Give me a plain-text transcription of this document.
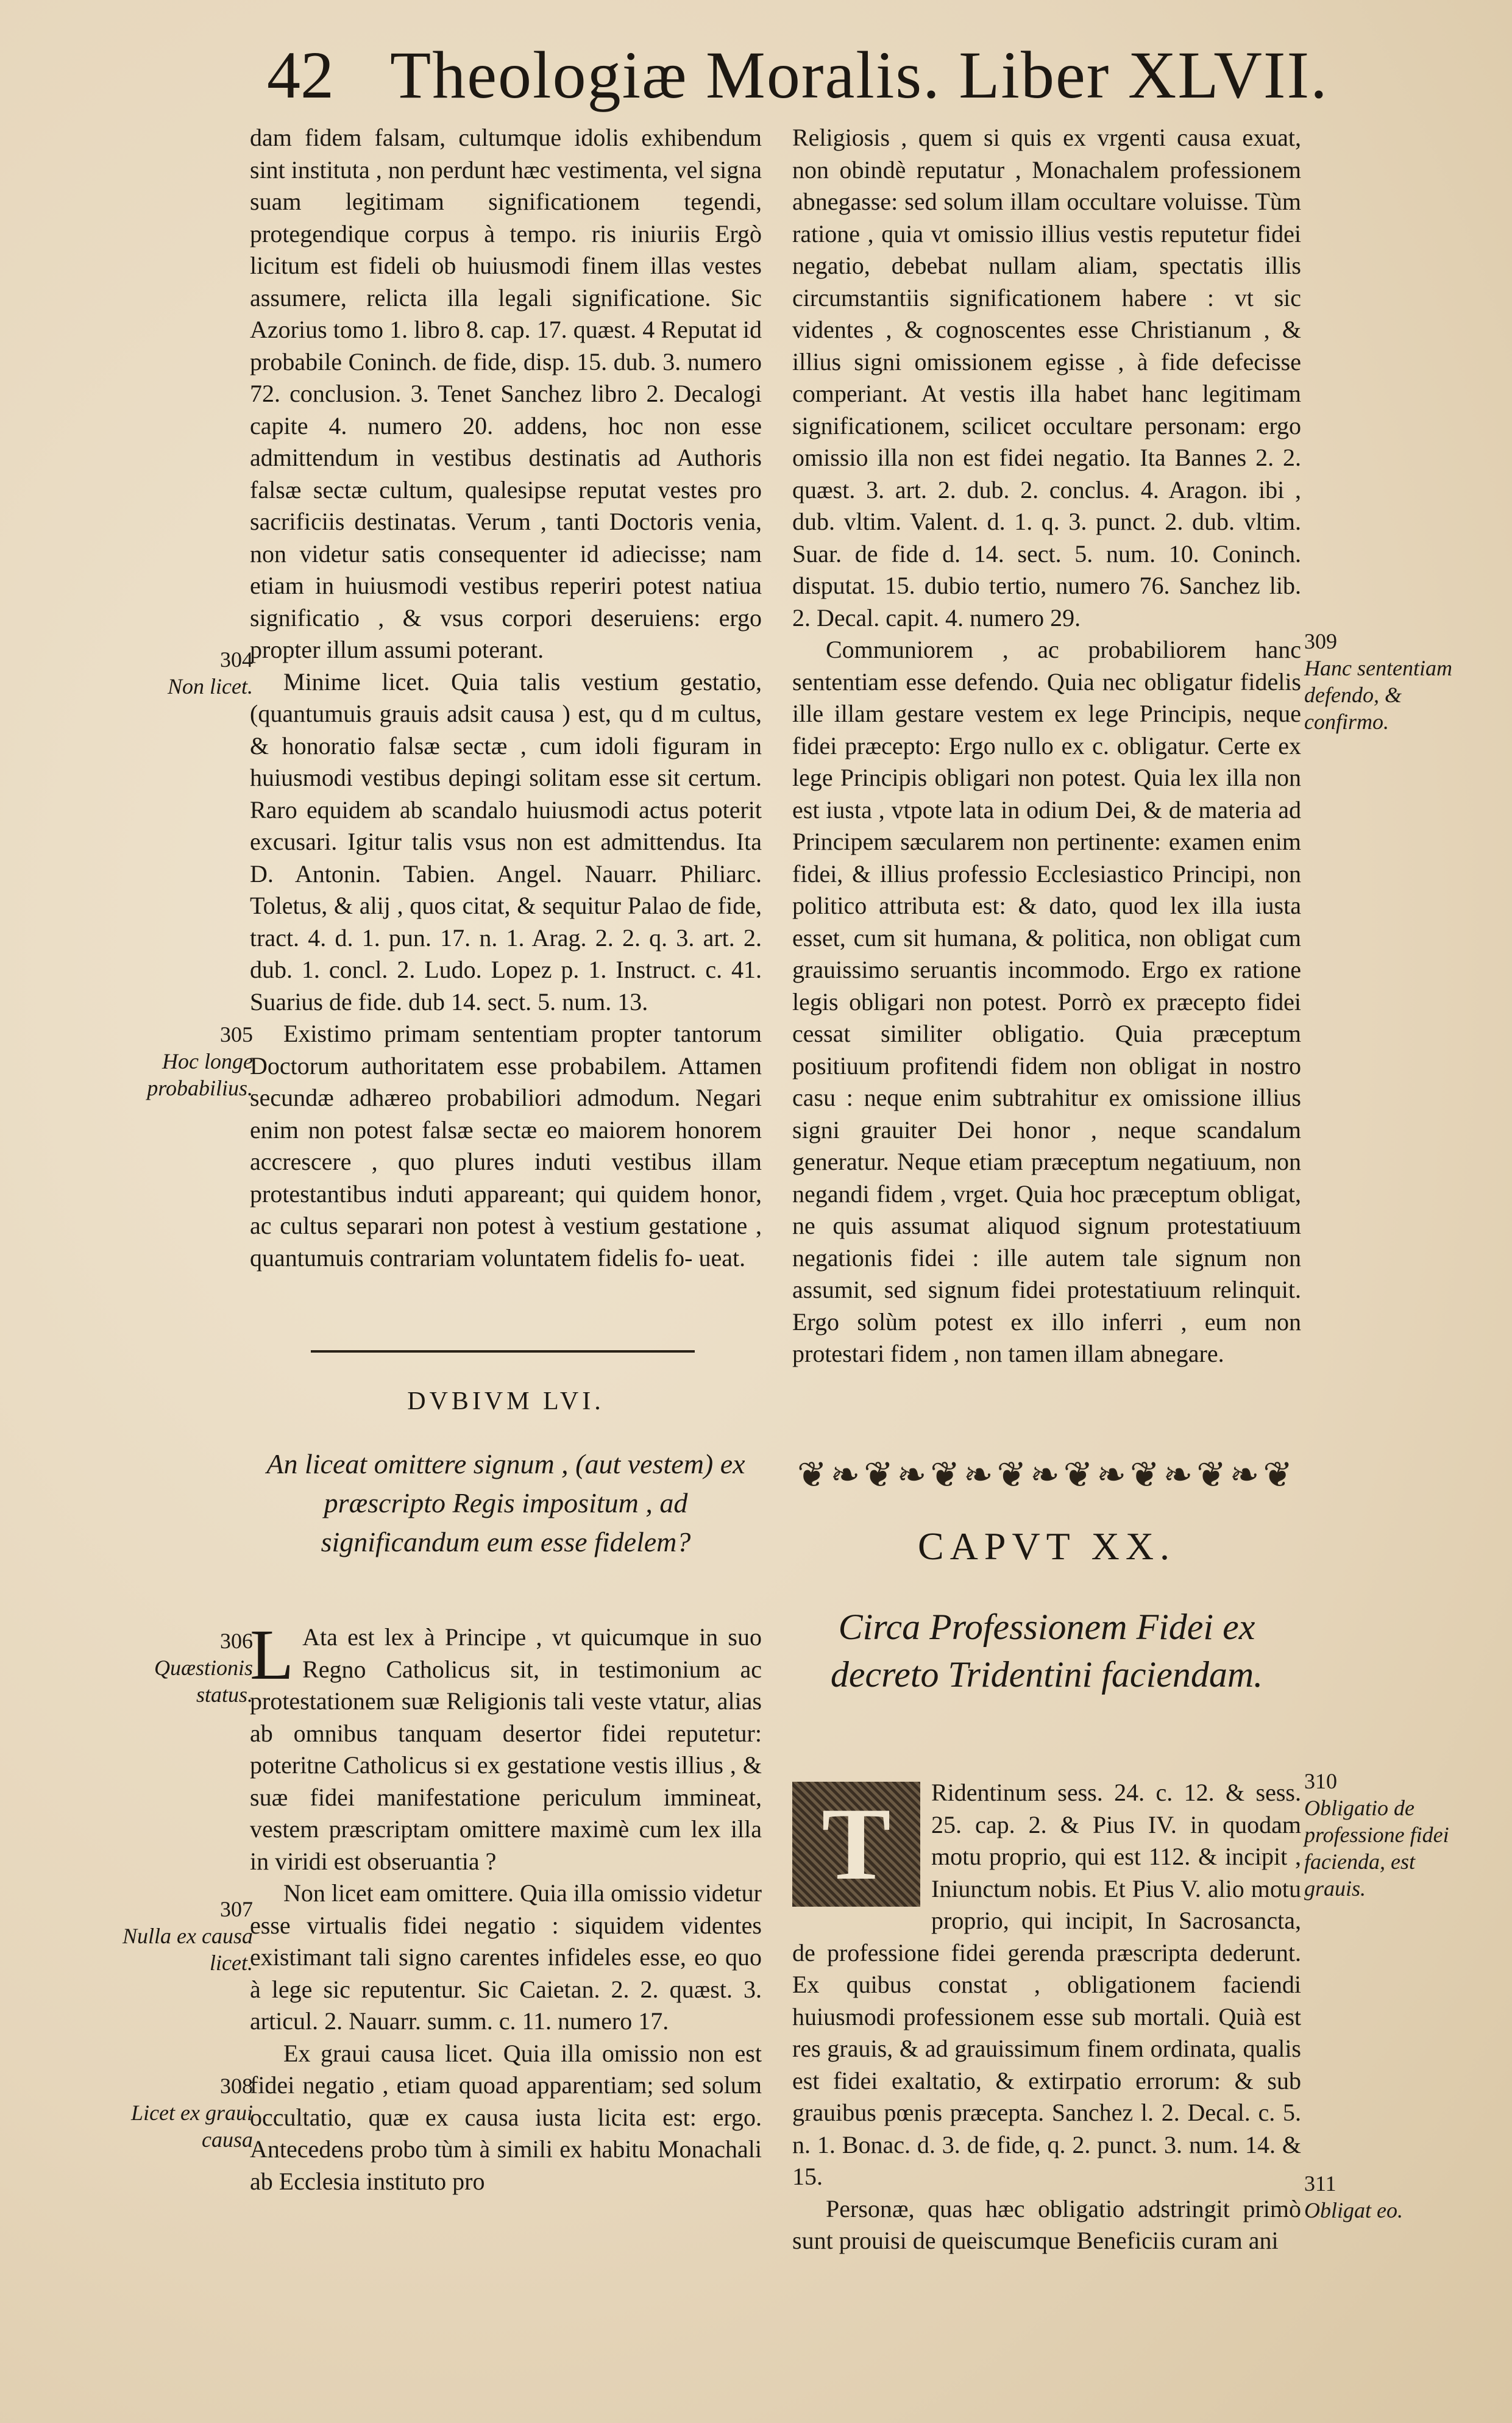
42 Theologiæ Moralis. Liber XLVII.

dam fidem falsam, cultumque idolis exhibendum sint instituta , non perdunt hæc vestimenta, vel signa suam legitimam significationem tegendi, protegendique corpus à tempo. ris iniuriis Ergò licitum est fideli ob huiusmodi finem illas vestes assumere, relicta illa legali significatione. Sic Azorius tomo 1. libro 8. cap. 17. quæst. 4 Reputat id probabile Coninch. de fide, disp. 15. dub. 3. numero 72. conclusion. 3. Tenet Sanchez libro 2. Decalogi capite 4. numero 20. addens, hoc non esse admittendum in vestibus destinatis ad Authoris falsæ sectæ cultum, qualesipse reputat vestes pro sacrificiis destinatas. Verum , tanti Doctoris venia, non videtur satis consequenter id adiecisse; nam etiam in huiusmodi vestibus reperiri potest natiua significatio , & vsus corpori deseruiens: ergo propter illum assumi poterant.

Minime licet. Quia talis vestium gestatio, (quantumuis grauis adsit causa ) est, qu d m cultus, & honoratio falsæ sectæ , cum idoli figuram in huiusmodi vestibus depingi solitam esse sit certum. Raro equidem ab scandalo huiusmodi actus poterit excusari. Igitur talis vsus non est admittendus. Ita D. Antonin. Tabien. Angel. Nauarr. Philiarc. Toletus, & alij , quos citat, & sequitur Palao de fide, tract. 4. d. 1. pun. 17. n. 1. Arag. 2. 2. q. 3. art. 2. dub. 1. concl. 2. Ludo. Lopez p. 1. Instruct. c. 41. Suarius de fide. dub 14. sect. 5. num. 13.

Existimo primam sententiam propter tantorum Doctorum authoritatem esse probabilem. Attamen secundæ adhæreo probabiliori admodum. Negari enim non potest falsæ sectæ eo maiorem honorem accrescere , quo plures induti vestibus illam protestantibus induti appareant; qui quidem honor, ac cultus separari non potest à vestium gestatione , quantumuis contrariam voluntatem fidelis fo- ueat.

Religiosis , quem si quis ex vrgenti causa exuat, non obindè reputatur , Monachalem professionem abnegasse: sed solum illam occultare voluisse. Tùm ratione , quia vt omissio illius vestis reputetur fidei negatio, debebat nullam aliam, spectatis illis circumstantiis significationem habere : vt sic videntes , & cognoscentes esse Christianum , & illius signi omissionem egisse , à fide defecisse comperiant. At vestis illa habet hanc legitimam significationem, scilicet occultare personam: ergo omissio illa non est fidei negatio. Ita Bannes 2. 2. quæst. 3. art. 2. dub. 2. conclus. 4. Aragon. ibi , dub. vltim. Valent. d. 1. q. 3. punct. 2. dub. vltim. Suar. de fide d. 14. sect. 5. num. 10. Coninch. disputat. 15. dubio tertio, numero 76. Sanchez lib. 2. Decal. capit. 4. numero 29.

Communiorem , ac probabiliorem hanc sententiam esse defendo. Quia nec obligatur fidelis ille illam gestare vestem ex lege Principis, neque fidei præcepto: Ergo nullo ex c. obligatur. Certe ex lege Principis obligari non potest. Quia lex illa non est iusta , vtpote lata in odium Dei, & de materia ad Principem sæcularem non pertinente: examen enim fidei, & illius professio Ecclesiastico Principi, non politico attributa est: & dato, quod lex illa iusta esset, cum sit humana, & politica, non obligat cum grauissimo seruantis incommodo. Ergo ex ratione legis obligari non potest. Porrò ex præcepto fidei cessat similiter obligatio. Quia præceptum positiuum profitendi fidem non obligat in nostro casu : neque enim subtrahitur ex omissione illius signi grauiter Dei honor , neque scandalum generatur. Neque etiam præceptum negatiuum, non negandi fidem , vrget. Quia hoc præceptum obligat, ne quis assumat aliquod signum protestatiuum negationis fidei : ille autem tale signum non assumit, sed signum fidei protestatiuum relinquit. Ergo solùm potest ex illo inferri , eum non protestari fidem , non tamen illam abnegare.

DVBIVM LVI.
An liceat omittere signum , (aut vestem) ex præscripto Regis impositum , ad significandum eum esse fidelem?

L Ata est lex à Principe , vt quicumque in suo Regno Catholicus sit, in testimonium ac protestationem suæ Religionis tali veste vtatur, alias ab omnibus tanquam desertor fidei reputetur: poteritne Catholicus si ex gestatione vestis illius , & suæ fidei manifestatione periculum immineat, vestem præscriptam omittere maximè cum lex illa in viridi est obseruantia ?

Non licet eam omittere. Quia illa omissio videtur esse virtualis fidei negatio : siquidem videntes existimant tali signo carentes infideles esse, eo quo à lege sic reputentur. Sic Caietan. 2. 2. quæst. 3. articul. 2. Nauarr. summ. c. 11. numero 17.

Ex graui causa licet. Quia illa omissio non est fidei negatio , etiam quoad apparentiam; sed solum occultatio, quæ ex causa iusta licita est: ergo. Antecedens probo tùm à simili ex habitu Monachali ab Ecclesia instituto pro

❦❧❦❧❦❧❦❧❦❧❦❧❦❧❦
CAPVT XX.
Circa Professionem Fidei ex decreto Tridentini faciendam.

T	Ridentinum sess. 24. c. 12. & sess. 25. cap. 2. & Pius IV. in quodam motu proprio, qui est 112. & incipit , Iniunctum nobis. Et Pius V. alio motu proprio, qui incipit, In Sacrosancta, de professione fidei gerenda præscripta dederunt. Ex quibus constat , obligationem faciendi huiusmodi professionem esse sub mortali. Quià est res grauis, & ad grauissimum finem ordinata, qualis est fidei exaltatio, & extirpatio errorum: & sub grauibus pœnis præcepta. Sanchez l. 2. Decal. c. 5. n. 1. Bonac. d. 3. de fide, q. 2. punct. 3. num. 14. & 15.

Personæ, quas hæc obligatio adstringit primò sunt prouisi de queiscumque Beneficiis curam ani

304
Non licet.
305
Hoc longe probabilius.
306
Quæstionis status.
307
Nulla ex causa licet.
308
Licet ex graui causa
309
Hanc sententiam defendo, & confirmo.
310
Obligatio de professione fidei facienda, est grauis.
311
Obligat eo.
